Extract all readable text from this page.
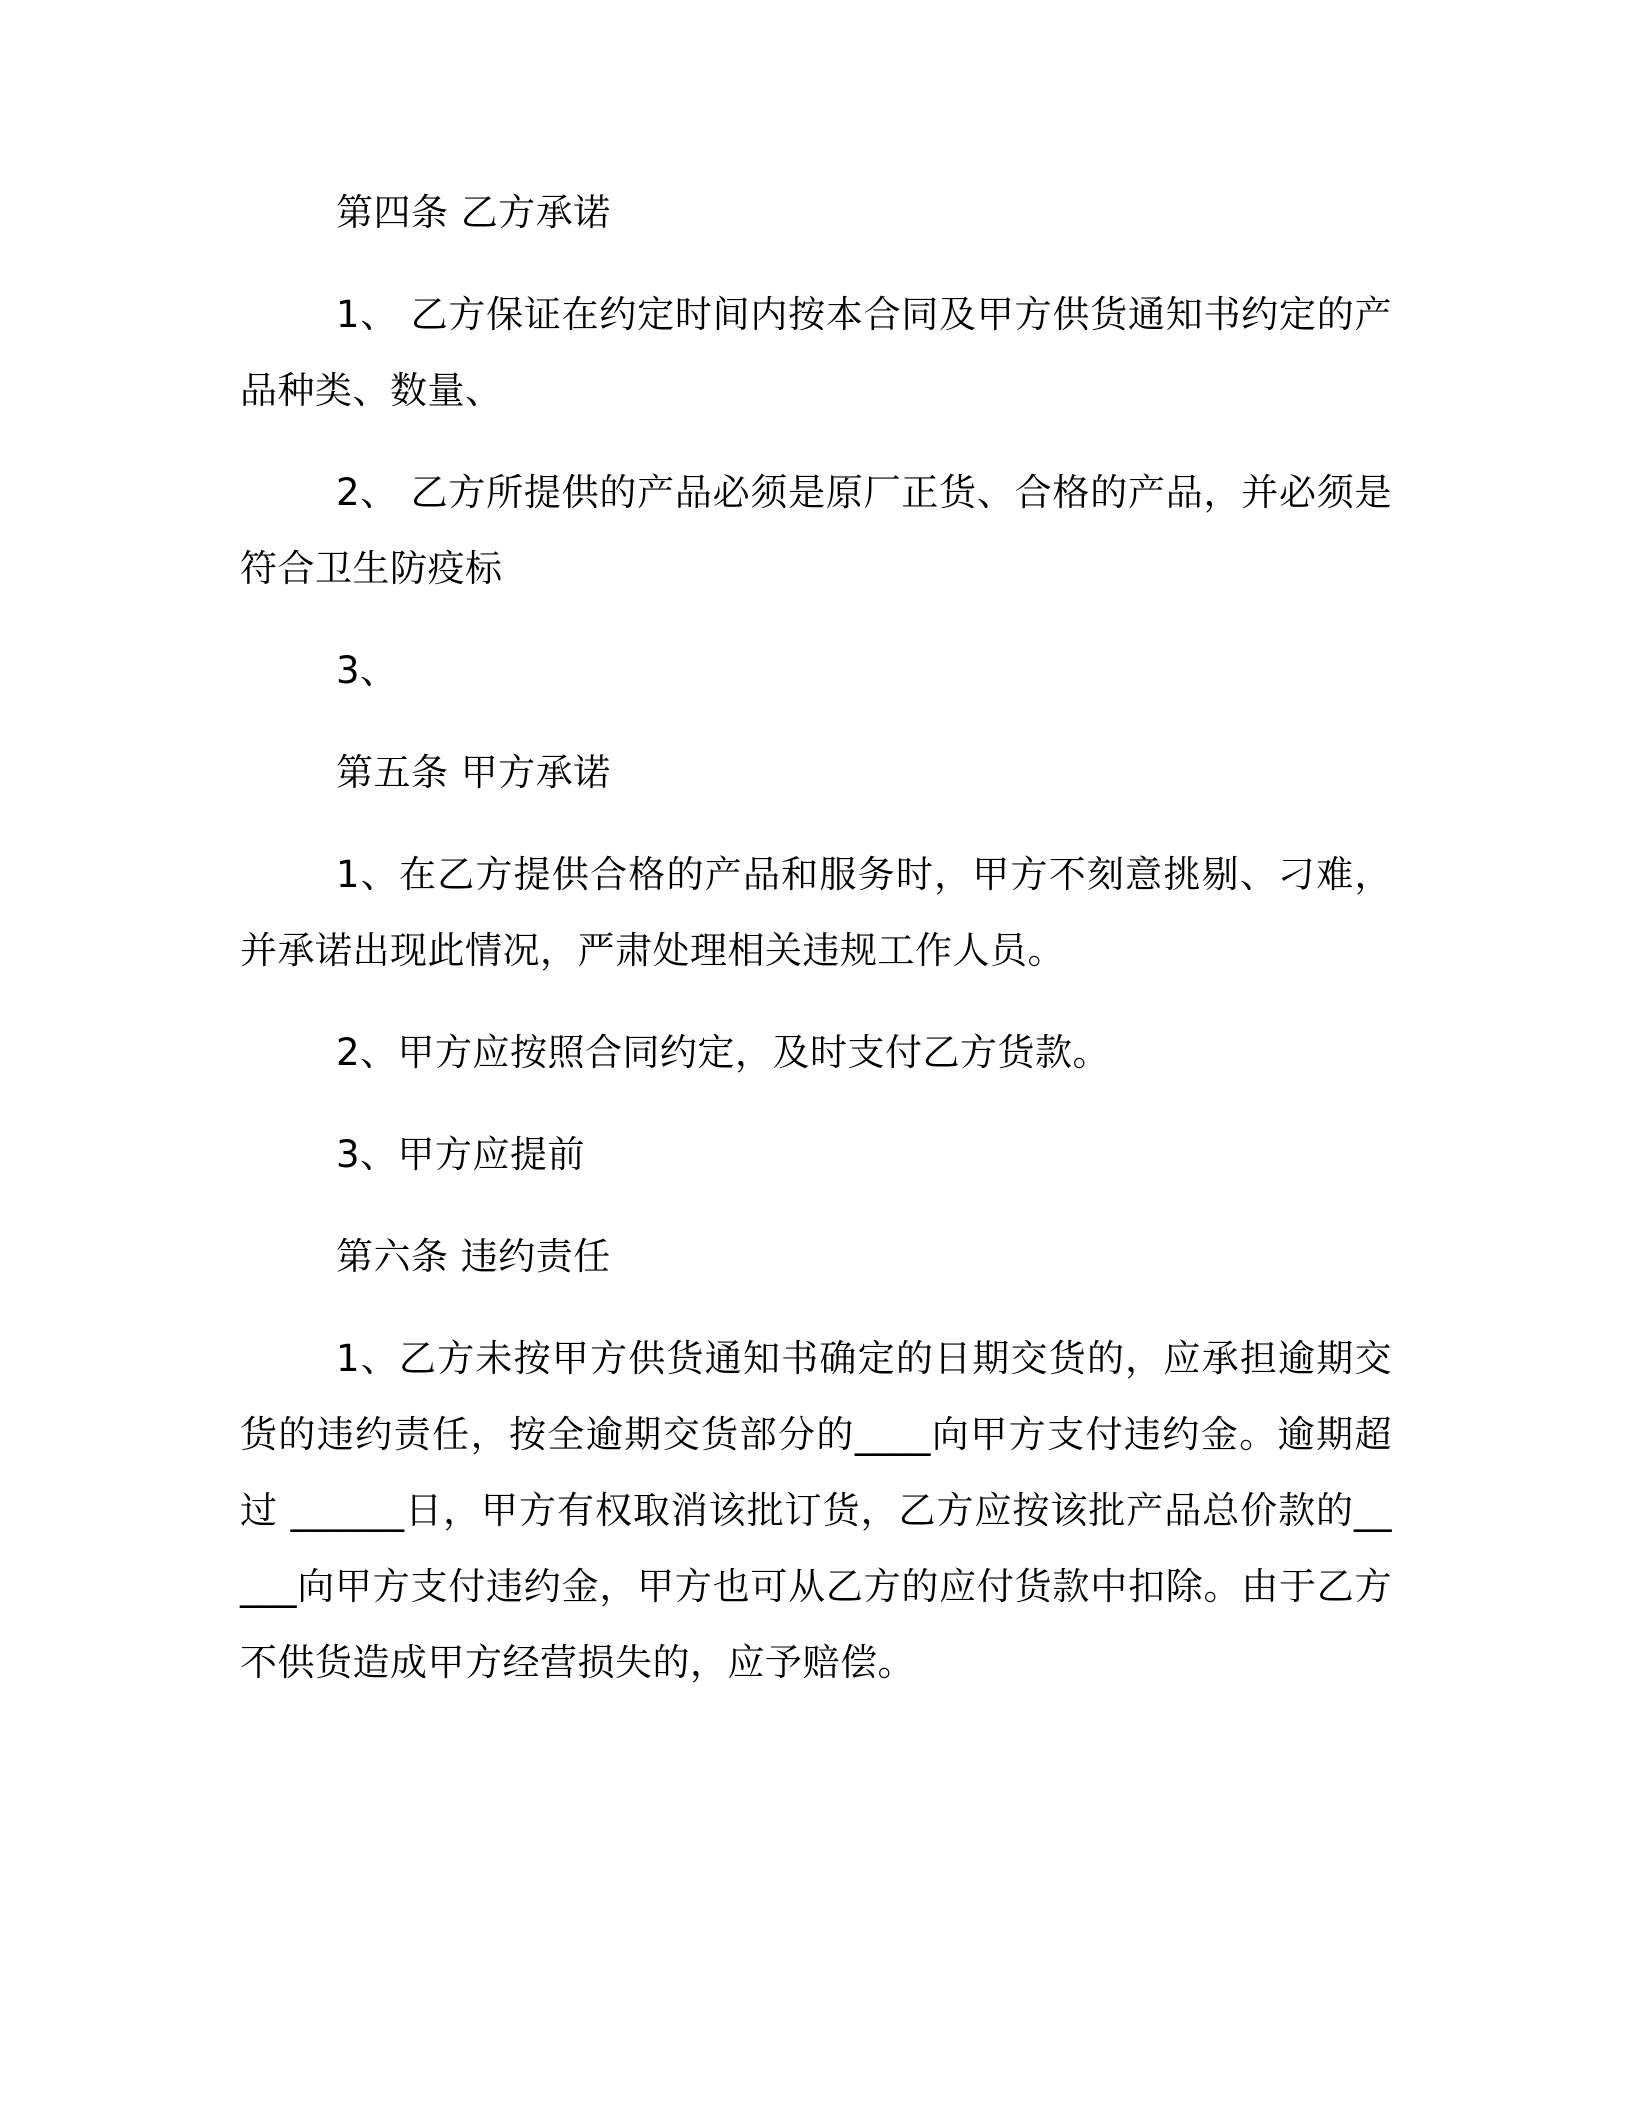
第四条 乙方承诺

1、 乙方保证在约定时间内按本合同及甲方供货通知书约定的产品种类、数量、

2、 乙方所提供的产品必须是原厂正货、合格的产品，并必须是符合卫生防疫标

3、

第五条 甲方承诺

1、在乙方提供合格的产品和服务时，甲方不刻意挑剔、刁难，并承诺出现此情况，严肃处理相关违规工作人员。

2、甲方应按照合同约定，及时支付乙方货款。

3、甲方应提前

第六条 违约责任

1、乙方未按甲方供货通知书确定的日期交货的，应承担逾期交货的违约责任，按全逾期交货部分的____向甲方支付违约金。逾期超过 ______日，甲方有权取消该批订货，乙方应按该批产品总价款的_____向甲方支付违约金，甲方也可从乙方的应付货款中扣除。由于乙方不供货造成甲方经营损失的，应予赔偿。
